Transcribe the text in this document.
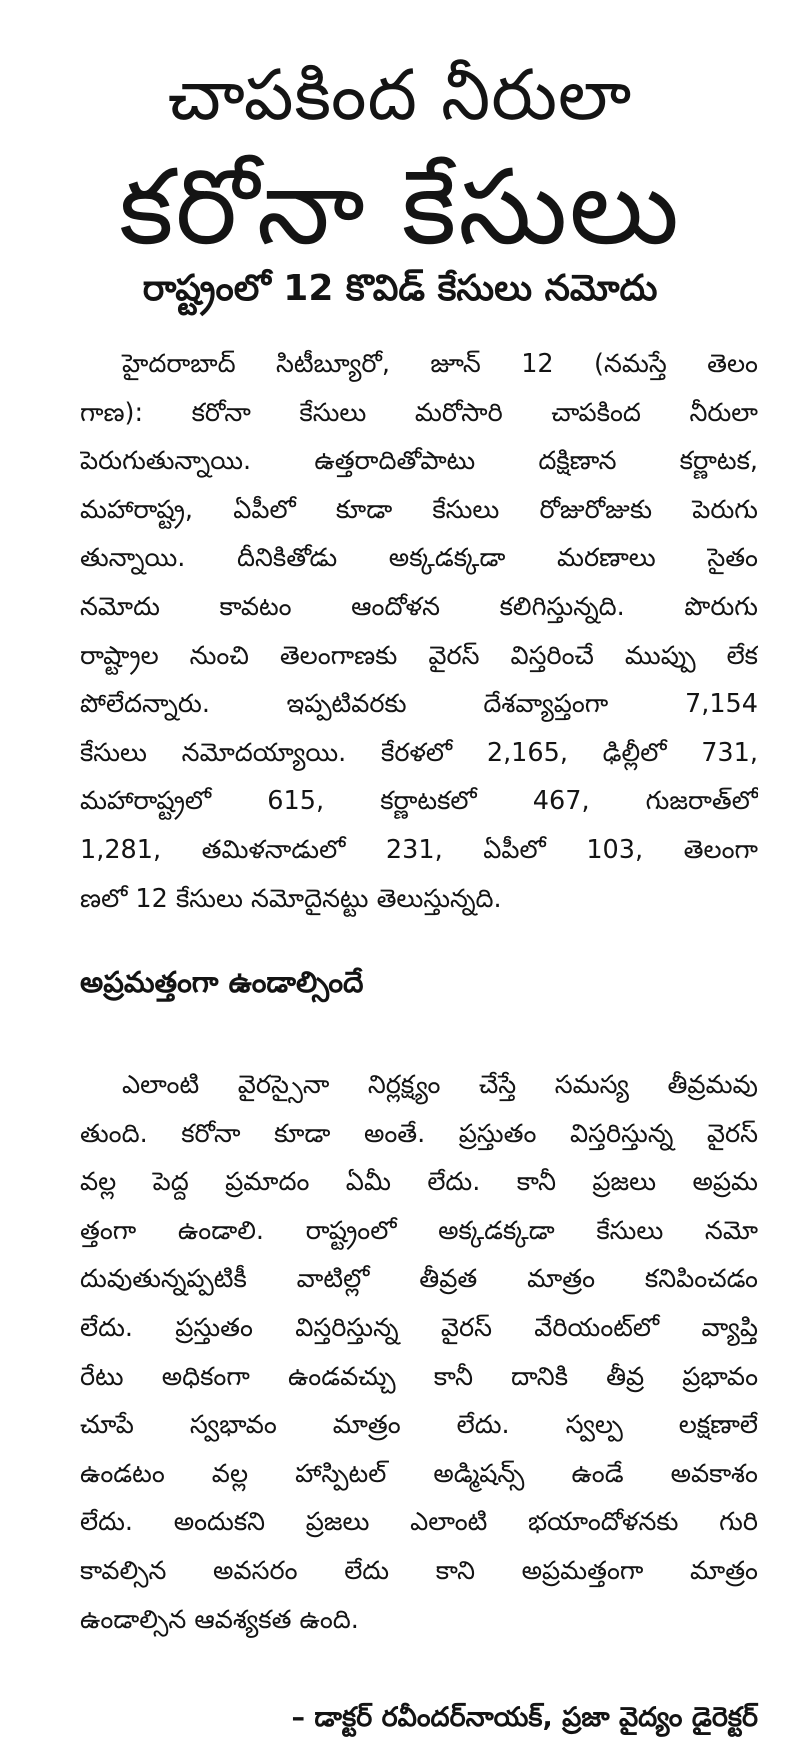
చాపకింద నీరులా
కరోనా కేసులు
రాష్ట్రంలో 12 కొవిడ్ కేసులు నమోదు
హైదరాబాద్ సిటీబ్యూరో, జూన్ 12 (నమస్తే తెలం
గాణ): కరోనా కేసులు మరోసారి చాపకింద నీరులా
పెరుగుతున్నాయి. ఉత్తరాదితోపాటు దక్షిణాన కర్ణాటక,
మహారాష్ట్ర, ఏపీలో కూడా కేసులు రోజురోజుకు పెరుగు
తున్నాయి. దీనికితోడు అక్కడక్కడా మరణాలు సైతం
నమోదు కావటం ఆందోళన కలిగిస్తున్నది. పొరుగు
రాష్ట్రాల నుంచి తెలంగాణకు వైరస్ విస్తరించే ముప్పు లేక
పోలేదన్నారు. ఇప్పటివరకు దేశవ్యాప్తంగా 7,154
కేసులు నమోదయ్యాయి. కేరళలో 2,165, ఢిల్లీలో 731,
మహారాష్ట్రలో 615, కర్ణాటకలో 467, గుజరాత్‌లో
1,281, తమిళనాడులో 231, ఏపీలో 103, తెలంగా
ణలో 12 కేసులు నమోదైనట్టు తెలుస్తున్నది.
అప్రమత్తంగా ఉండాల్సిందే
ఎలాంటి వైరస్సైనా నిర్లక్ష్యం చేస్తే సమస్య తీవ్రమవు
తుంది. కరోనా కూడా అంతే. ప్రస్తుతం విస్తరిస్తున్న వైరస్
వల్ల పెద్ద ప్రమాదం ఏమీ లేదు. కానీ ప్రజలు అప్రమ
త్తంగా ఉండాలి. రాష్ట్రంలో అక్కడక్కడా కేసులు నమో
దువుతున్నప్పటికీ వాటిల్లో తీవ్రత మాత్రం కనిపించడం
లేదు. ప్రస్తుతం విస్తరిస్తున్న వైరస్ వేరియంట్‌లో వ్యాప్తి
రేటు అధికంగా ఉండవచ్చు కానీ దానికి తీవ్ర ప్రభావం
చూపే స్వభావం మాత్రం లేదు. స్వల్ప లక్షణాలే
ఉండటం వల్ల హాస్పిటల్ అడ్మిషన్స్ ఉండే అవకాశం
లేదు. అందుకని ప్రజలు ఎలాంటి భయాందోళనకు గురి
కావల్సిన అవసరం లేదు కాని అప్రమత్తంగా మాత్రం
ఉండాల్సిన ఆవశ్యకత ఉంది.
– డాక్టర్ రవీందర్‌నాయక్, ప్రజా వైద్యం డైరెక్టర్
